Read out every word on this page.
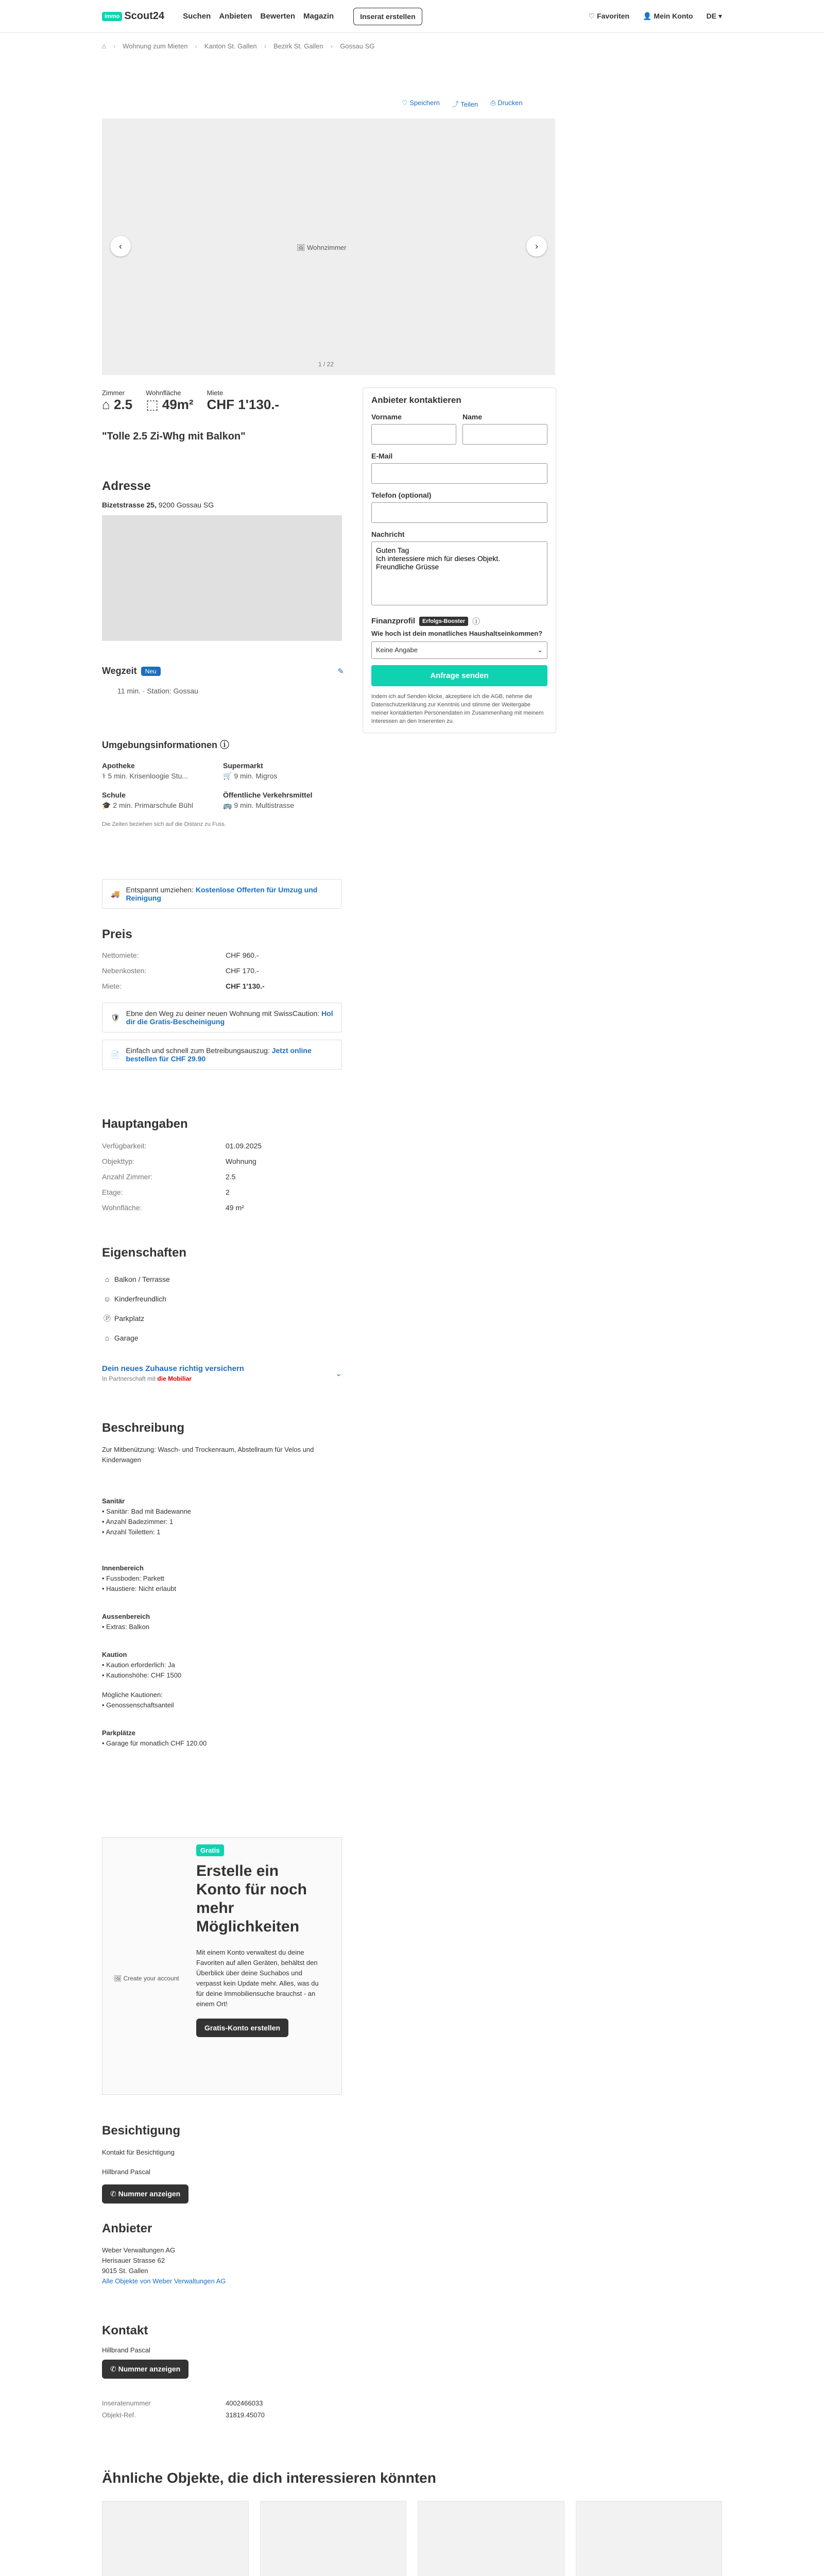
immo Scout24 Suchen Anbieten Bewerten Magazin	Inserat erstellen	♡ Favoriten 👤 Mein Konto DE ▾
⌂ › Wohnung zum Mieten › Kanton St. Gallen › Bezirk St. Gallen › Gossau SG
♡ Speichern ⤴ Teilen ⎙ Drucken
‹	›
🖼 Wohnzimmer
1 / 22
Zimmer
⌂ 2.5
Wohnfläche
⬚ 49m²
Miete
CHF 1'130.-
"Tolle 2.5 Zi-Whg mit Balkon"
Adresse
Bizetstrasse 25, 9200 Gossau SG
Wegzeit	Neu	✎
11 min. · Station: Gossau
Umgebungsinformationen ⓘ
Apotheke
⚕ 5 min. Krisenloogie Stu...
Supermarkt
🛒 9 min. Migros
Schule
🎓 2 min. Primarschule Bühl
Öffentliche Verkehrsmittel
🚌 9 min. Multistrasse
Die Zeiten beziehen sich auf die Distanz zu Fuss.
🚚 Entspannt umziehen: Kostenlose Offerten für Umzug und Reinigung
Preis
Nettomiete:	CHF 960.-
Nebenkosten:	CHF 170.-
Miete:	CHF 1'130.-
🛡 Ebne den Weg zu deiner neuen Wohnung mit SwissCaution: Hol dir die Gratis-Bescheinigung
📄 Einfach und schnell zum Betreibungsauszug: Jetzt online bestellen für CHF 29.90
Hauptangaben
Verfügbarkeit:	01.09.2025
Objekttyp:	Wohnung
Anzahl Zimmer:	2.5
Etage:	2
Wohnfläche:	49 m²
Eigenschaften
⌂ Balkon / Terrasse
☺ Kinderfreundlich
Ⓟ Parkplatz
⌂ Garage
Dein neues Zuhause richtig versichern
In Partnerschaft mit die Mobiliar
⌄
Beschreibung
Zur Mitbenützung: Wasch- und Trockenraum, Abstellraum für Velos und Kinderwagen
Sanitär
• Sanitär: Bad mit Badewanne
• Anzahl Badezimmer: 1
• Anzahl Toiletten: 1
Innenbereich
• Fussboden: Parkett
• Haustiere: Nicht erlaubt
Aussenbereich
• Extras: Balkon
Kaution
• Kaution erforderlich: Ja
• Kautionshöhe: CHF 1500
Mögliche Kautionen:
• Genossenschaftsanteil
Parkplätze
• Garage für monatlich CHF 120.00
🖼 Create your account
Gratis
Erstelle ein Konto für noch mehr Möglichkeiten
Mit einem Konto verwaltest du deine Favoriten auf allen Geräten, behältst den Überblick über deine Suchabos und verpasst kein Update mehr. Alles, was du für deine Immobiliensuche brauchst - an einem Ort!
Gratis-Konto erstellen
Besichtigung
Kontakt für Besichtigung
Hillbrand Pascal
✆ Nummer anzeigen
Anbieter
Weber Verwaltungen AG
Herisauer Strasse 62
9015 St. Gallen
Alle Objekte von Weber Verwaltungen AG
Kontakt
Hillbrand Pascal
✆ Nummer anzeigen
Inseratenummer	4002466033
Objekt-Ref.	31819.45070
Ähnliche Objekte, die dich interessieren könnten
Anbieter kontaktieren
Vorname	Name
E-Mail
Telefon (optional)
Nachricht
Guten Tag Ich interessiere mich für dieses Objekt. Freundliche Grüsse
Finanzprofil	Erfolgs-Booster ⓘ
Wie hoch ist dein monatliches Haushaltseinkommen?
Keine Angabe	⌄
Anfrage senden
Indem ich auf Senden klicke, akzeptiere ich die AGB, nehme die Datenschutzerklärung zur Kenntnis und stimme der Weitergabe meiner kontaktierten Personendaten im Zusammenhang mit meinem Interessen an den Inserenten zu.
